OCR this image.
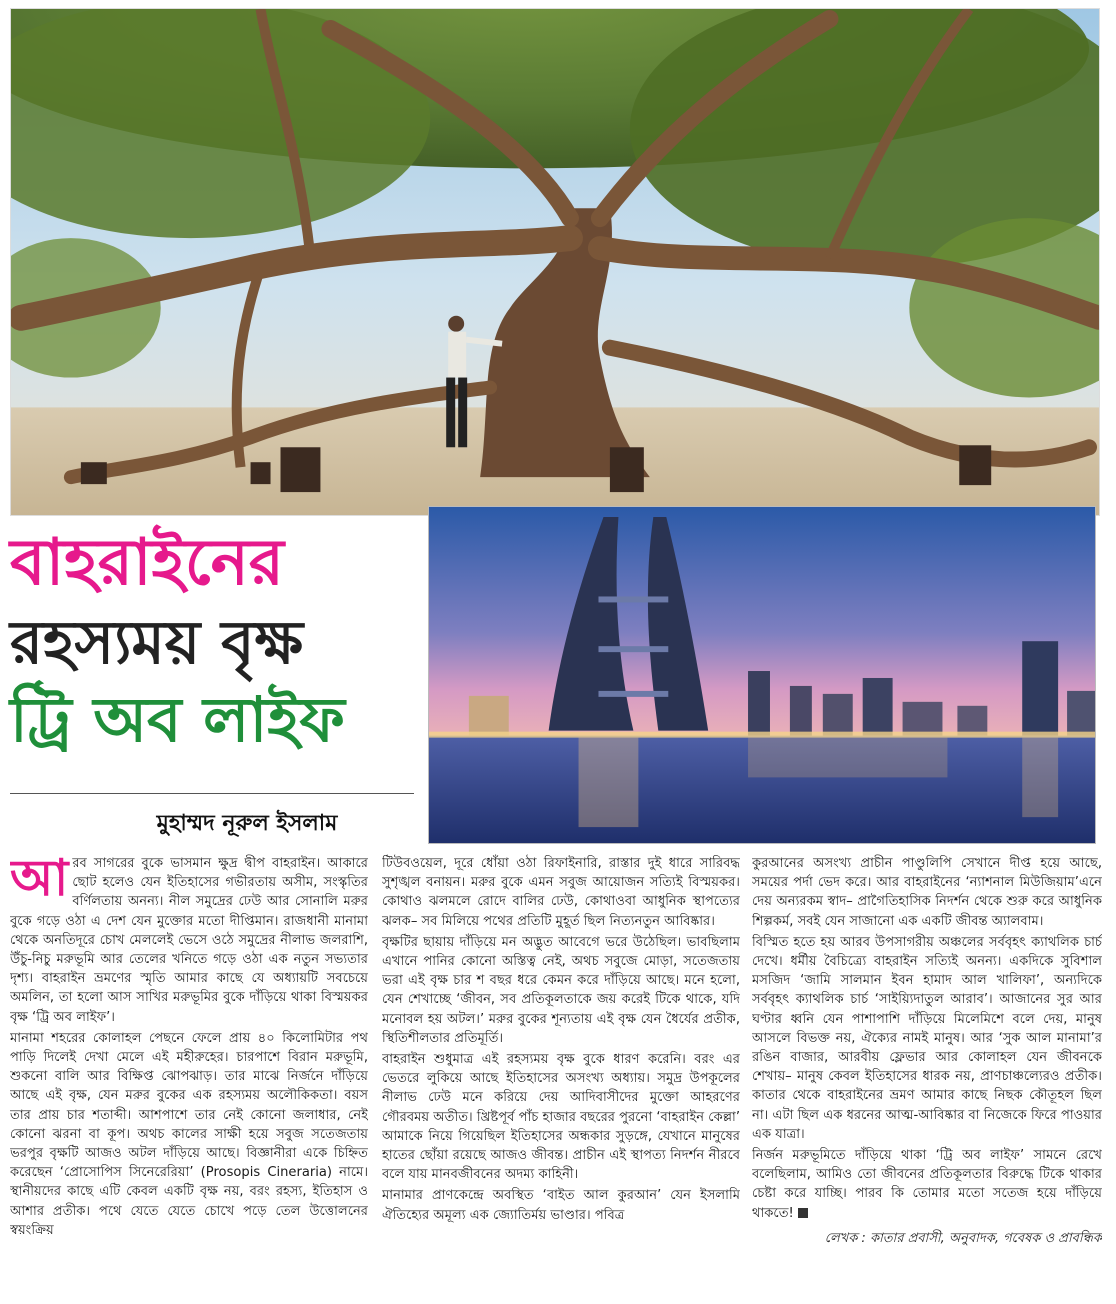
বাহরাইনের
রহস্যময় বৃক্ষ
ট্রি অব লাইফ
মুহাম্মদ নূরুল ইসলাম

আরব সাগরের বুকে ভাসমান ক্ষুদ্র দ্বীপ বাহরাইন। আকারে ছোট হলেও যেন ইতিহাসের গভীরতায় অসীম, সংস্কৃতির বর্ণিলতায় অনন্য। নীল সমুদ্রের ঢেউ আর সোনালি মরুর বুকে গড়ে ওঠা এ দেশ যেন মুক্তোর মতো দীপ্তিমান। রাজধানী মানামা থেকে অনতিদূরে চোখ মেললেই ভেসে ওঠে সমুদ্রের নীলাভ জলরাশি, উঁচু-নিচু মরুভূমি আর তেলের খনিতে গড়ে ওঠা এক নতুন সভ্যতার দৃশ্য। বাহরাইন ভ্রমণের স্মৃতি আমার কাছে যে অধ্যায়টি সবচেয়ে অমলিন, তা হলো আস সাখির মরুভূমির বুকে দাঁড়িয়ে থাকা বিস্ময়কর বৃক্ষ ‘ট্রি অব লাইফ’।

মানামা শহরের কোলাহল পেছনে ফেলে প্রায় ৪০ কিলোমিটার পথ পাড়ি দিলেই দেখা মেলে এই মহীরুহের। চারপাশে বিরান মরুভূমি, শুকনো বালি আর বিক্ষিপ্ত ঝোপঝাড়। তার মাঝে নির্জনে দাঁড়িয়ে আছে এই বৃক্ষ, যেন মরুর বুকের এক রহস্যময় অলৌকিকতা। বয়স তার প্রায় চার শতাব্দী। আশপাশে তার নেই কোনো জলাধার, নেই কোনো ঝরনা বা কূপ। অথচ কালের সাক্ষী হয়ে সবুজ সতেজতায় ভরপুর বৃক্ষটি আজও অটল দাঁড়িয়ে আছে। বিজ্ঞানীরা একে চিহ্নিত করেছেন ‘প্রোসোপিস সিনেরেরিয়া’ (Prosopis Cineraria) নামে। স্থানীয়দের কাছে এটি কেবল একটি বৃক্ষ নয়, বরং রহস্য, ইতিহাস ও আশার প্রতীক। পথে যেতে যেতে চোখে পড়ে তেল উত্তোলনের স্বয়ংক্রিয়

টিউবওয়েল, দূরে ধোঁয়া ওঠা রিফাইনারি, রাস্তার দুই ধারে সারিবদ্ধ সুশৃঙ্খল বনায়ন। মরুর বুকে এমন সবুজ আয়োজন সত্যিই বিস্ময়কর। কোথাও ঝলমলে রোদে বালির ঢেউ, কোথাওবা আধুনিক স্থাপত্যের ঝলক– সব মিলিয়ে পথের প্রতিটি মুহূর্ত ছিল নিত্যনতুন আবিষ্কার।

বৃক্ষটির ছায়ায় দাঁড়িয়ে মন অদ্ভুত আবেগে ভরে উঠেছিল। ভাবছিলাম এখানে পানির কোনো অস্তিত্ব নেই, অথচ সবুজে মোড়া, সতেজতায় ভরা এই বৃক্ষ চার শ বছর ধরে কেমন করে দাঁড়িয়ে আছে। মনে হলো, যেন শেখাচ্ছে ‘জীবন, সব প্রতিকূলতাকে জয় করেই টিকে থাকে, যদি মনোবল হয় অটল।’ মরুর বুকের শূন্যতায় এই বৃক্ষ যেন ধৈর্যের প্রতীক, স্থিতিশীলতার প্রতিমূর্তি।

বাহরাইন শুধুমাত্র এই রহস্যময় বৃক্ষ বুকে ধারণ করেনি। বরং এর ভেতরে লুকিয়ে আছে ইতিহাসের অসংখ্য অধ্যায়। সমুদ্র উপকূলের নীলাভ ঢেউ মনে করিয়ে দেয় আদিবাসীদের মুক্তো আহরণের গৌরবময় অতীত। খ্রিষ্টপূর্ব পাঁচ হাজার বছরের পুরনো ‘বাহরাইন কেল্লা’ আমাকে নিয়ে গিয়েছিল ইতিহাসের অন্ধকার সুড়ঙ্গে, যেখানে মানুষের হাতের ছোঁয়া রয়েছে আজও জীবন্ত। প্রাচীন এই স্থাপত্য নিদর্শন নীরবে বলে যায় মানবজীবনের অদম্য কাহিনী।

মানামার প্রাণকেন্দ্রে অবস্থিত ‘বাইত আল কুরআন’ যেন ইসলামি ঐতিহ্যের অমূল্য এক জ্যোতির্ময় ভাণ্ডার। পবিত্র

কুরআনের অসংখ্য প্রাচীন পাণ্ডুলিপি সেখানে দীপ্ত হয়ে আছে, সময়ের পর্দা ভেদ করে। আর বাহরাইনের ‘ন্যাশনাল মিউজিয়াম’এনে দেয় অন্যরকম স্বাদ– প্রাগৈতিহাসিক নিদর্শন থেকে শুরু করে আধুনিক শিল্পকর্ম, সবই যেন সাজানো এক একটি জীবন্ত অ্যালবাম।

বিস্মিত হতে হয় আরব উপসাগরীয় অঞ্চলের সর্ববৃহৎ ক্যাথলিক চার্চ দেখে। ধর্মীয় বৈচিত্র্যে বাহরাইন সত্যিই অনন্য। একদিকে সুবিশাল মসজিদ ‘জামি সালমান ইবন হামাদ আল খালিফা’, অন্যদিকে সর্ববৃহৎ ক্যাথলিক চার্চ ‘সাইয়্যিদাতুল আরাব’। আজানের সুর আর ঘণ্টার ধ্বনি যেন পাশাপাশি দাঁড়িয়ে মিলেমিশে বলে দেয়, মানুষ আসলে বিভক্ত নয়, ঐক্যের নামই মানুষ। আর ‘সুক আল মানামা’র রঙিন বাজার, আরবীয় ফ্লেভার আর কোলাহল যেন জীবনকে শেখায়– মানুষ কেবল ইতিহাসের ধারক নয়, প্রাণচাঞ্চল্যেরও প্রতীক। কাতার থেকে বাহরাইনের ভ্রমণ আমার কাছে নিছক কৌতূহল ছিল না। এটা ছিল এক ধরনের আত্ম-আবিষ্কার বা নিজেকে ফিরে পাওয়ার এক যাত্রা।

নির্জন মরুভূমিতে দাঁড়িয়ে থাকা ‘ট্রি অব লাইফ’ সামনে রেখে বলেছিলাম, আমিও তো জীবনের প্রতিকূলতার বিরুদ্ধে টিকে থাকার চেষ্টা করে যাচ্ছি। পারব কি তোমার মতো সতেজ হয়ে দাঁড়িয়ে থাকতে!

লেখক : কাতার প্রবাসী, অনুবাদক, গবেষক ও প্রাবন্ধিক
